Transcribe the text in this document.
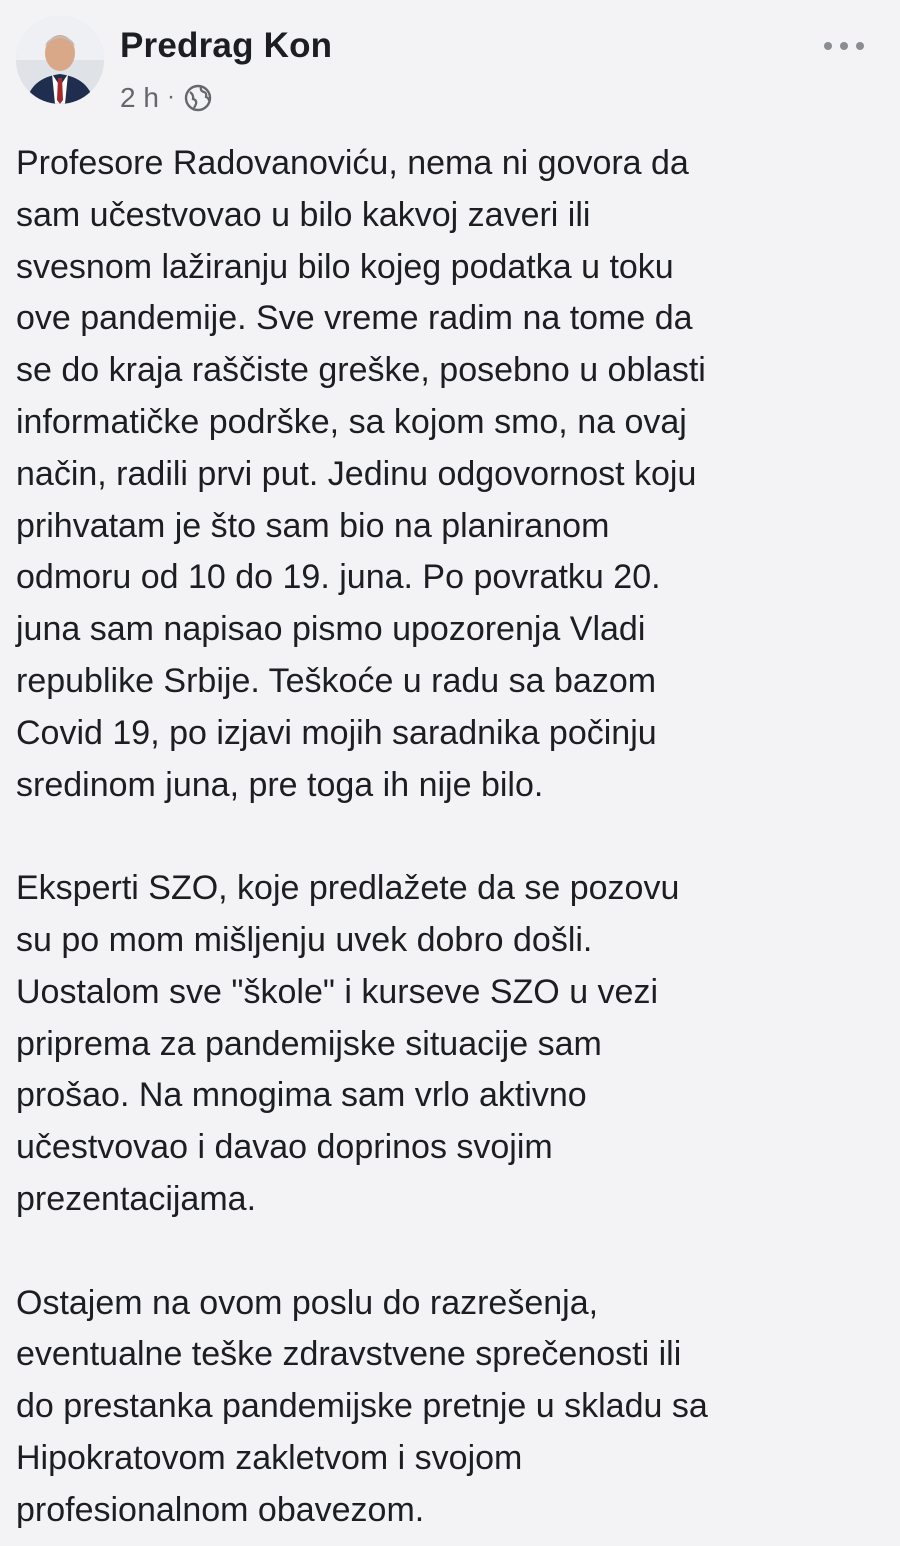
Predrag Kon
2 h ·
Profesore Radovanoviću, nema ni govora da
sam učestvovao u bilo kakvoj zaveri ili
svesnom lažiranju bilo kojeg podatka u toku
ove pandemije. Sve vreme radim na tome da
se do kraja raščiste greške, posebno u oblasti
informatičke podrške, sa kojom smo, na ovaj
način, radili prvi put. Jedinu odgovornost koju
prihvatam je što sam bio na planiranom
odmoru od 10 do 19. juna. Po povratku 20.
juna sam napisao pismo upozorenja Vladi
republike Srbije. Teškoće u radu sa bazom
Covid 19, po izjavi mojih saradnika počinju
sredinom juna, pre toga ih nije bilo.
Eksperti SZO, koje predlažete da se pozovu
su po mom mišljenju uvek dobro došli.
Uostalom sve "škole" i kurseve SZO u vezi
priprema za pandemijske situacije sam
prošao. Na mnogima sam vrlo aktivno
učestvovao i davao doprinos svojim
prezentacijama.
Ostajem na ovom poslu do razrešenja,
eventualne teške zdravstvene sprečenosti ili
do prestanka pandemijske pretnje u skladu sa
Hipokratovom zakletvom i svojom
profesionalnom obavezom.
